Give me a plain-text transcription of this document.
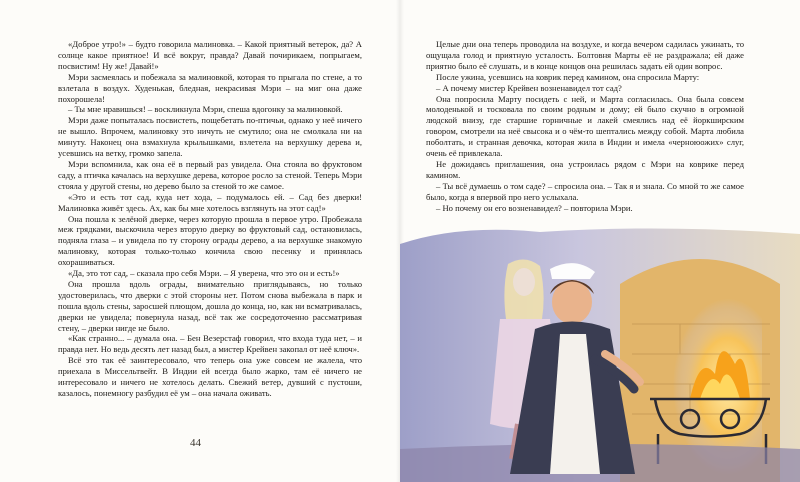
«Доброе утро!» – будто говорила малиновка. – Какой приятный ветерок, да? А солнце какое приятное! И всё вокруг, правда? Давай почирикаем, попрыгаем, посвистим! Ну же! Давай!»

Мэри засмеялась и побежала за малиновкой, которая то прыгала по стене, а то взлетала в воздух. Худенькая, бледная, некрасивая Мэри – на миг она даже похорошела!

– Ты мне нравишься! – воскликнула Мэри, спеша вдогонку за малиновкой.

Мэри даже попыталась посвистеть, пощебетать по-птичьи, однако у неё ничего не вышло. Впрочем, малиновку это ничуть не смутило; она не смолкала ни на минуту. Наконец она взмахнула крылышками, взлетела на верхушку дерева и, усевшись на ветку, громко запела.

Мэри вспомнила, как она её в первый раз увидела. Она стояла во фруктовом саду, а птичка качалась на верхушке дерева, которое росло за стеной. Теперь Мэри стояла у другой стены, но дерево было за стеной то же самое.

«Это и есть тот сад, куда нет хода, – подумалось ей. – Сад без дверки! Малиновка живёт здесь. Ах, как бы мне хотелось взглянуть на этот сад!»

Она пошла к зелёной дверке, через которую прошла в первое утро. Пробежала меж грядками, выскочила через вторую дверку во фруктовый сад, остановилась, подняла глаза – и увидела по ту сторону ограды дерево, а на верхушке знакомую малиновку, которая только-только кончила свою песенку и принялась охорашиваться.

«Да, это тот сад, – сказала про себя Мэри. – Я уверена, что это он и есть!»

Она прошла вдоль ограды, внимательно приглядываясь, но только удостоверилась, что дверки с этой стороны нет. Потом снова выбежала в парк и пошла вдоль стены, заросшей плющом, дошла до конца, но, как ни всматривалась, дверки не увидела; повернула назад, всё так же сосредоточенно рассматривая стену, – дверки нигде не было.

«Как странно... – думала она. – Бен Везерстаф говорил, что входа туда нет, – и правда нет. Но ведь десять лет назад был, а мистер Крейвен закопал от неё ключ».

Всё это так её заинтересовало, что теперь она уже совсем не жалела, что приехала в Миссельтвейт. В Индии ей всегда было жарко, там её ничего не интересовало и ничего не хотелось делать. Свежий ветер, дувший с пустоши, казалось, понемногу разбудил её ум – она начала оживать.

44

Целые дни она теперь проводила на воздухе, и когда вечером садилась ужинать, то ощущала голод и приятную усталость. Болтовня Марты её не раздражала; ей даже приятно было её слушать, и в конце концов она решилась задать ей один вопрос.

После ужина, усевшись на коврик перед камином, она спросила Марту:

– А почему мистер Крейвен возненавидел тот сад?

Она попросила Марту посидеть с ней, и Марта согласилась. Она была совсем молоденькой и тосковала по своим родным и дому; ей было скучно в огромной людской внизу, где старшие горничные и лакей смеялись над её йоркширским говором, смотрели на неё свысока и о чём-то шептались между собой. Марта любила поболтать, и странная девочка, которая жила в Индии и имела «черноюожих» слуг, очень её привлекала.

Не дожидаясь приглашения, она устроилась рядом с Мэри на коврике перед камином.

– Ты всё думаешь о том саде? – спросила она. – Так я и знала. Со мной то же самое было, когда я впервой про него услыхала.

– Но почему он его возненавидел? – повторила Мэри.
